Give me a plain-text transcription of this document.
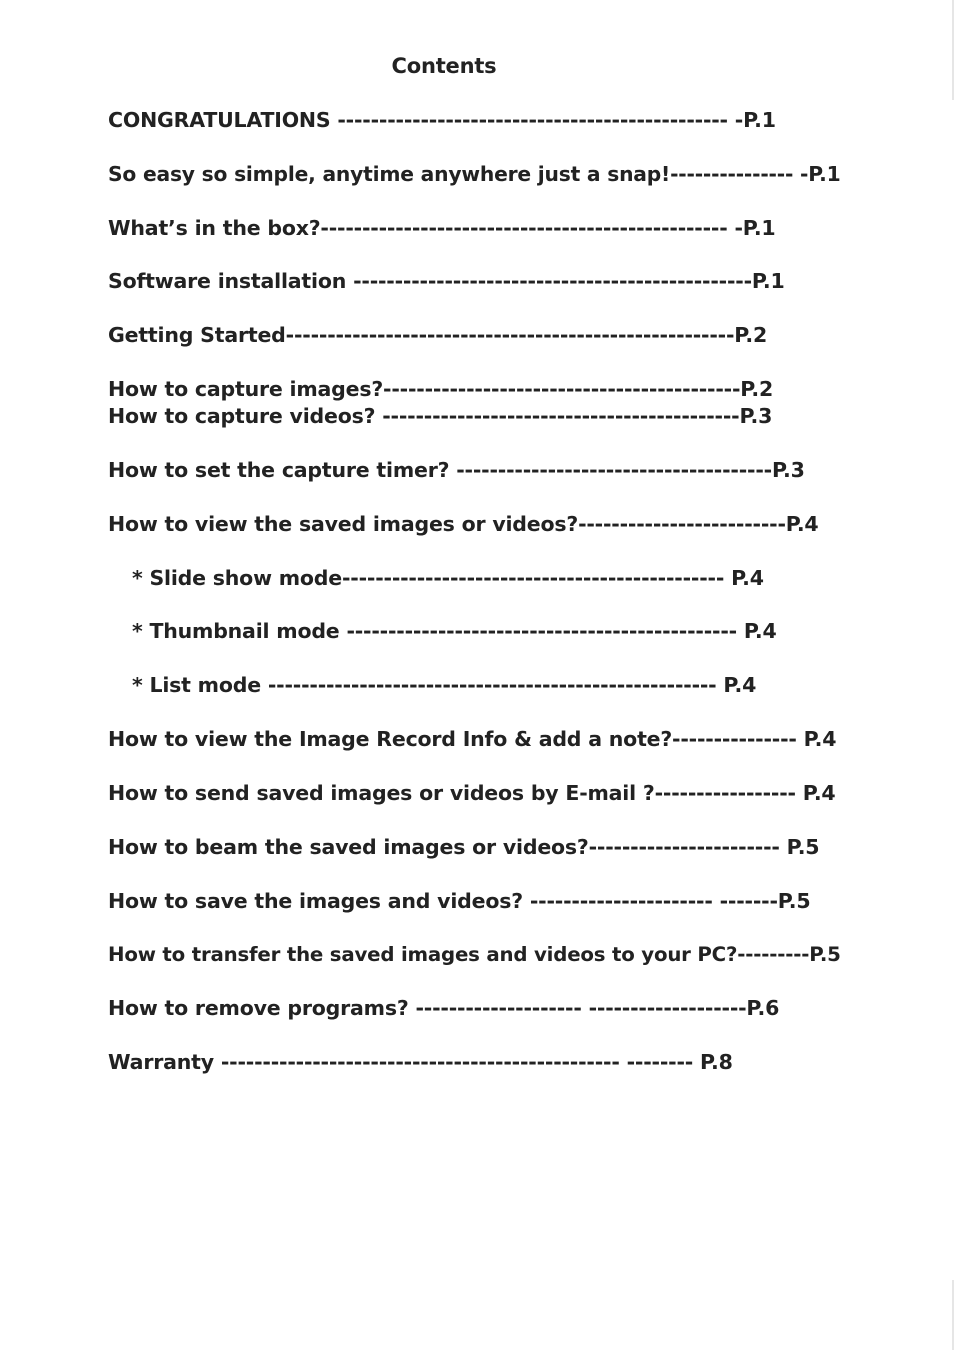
Contents
CONGRATULATIONS ----------------------------------------------- -P.1
So easy so simple, anytime anywhere just a snap!--------------- -P.1
What’s in the box?------------------------------------------------- -P.1
Software installation ------------------------------------------------P.1
Getting Started------------------------------------------------------P.2
How to capture images?-------------------------------------------P.2
How to capture videos? -------------------------------------------P.3
How to set the capture timer? --------------------------------------P.3
How to view the saved images or videos?-------------------------P.4
* Slide show mode---------------------------------------------- P.4
* Thumbnail mode ----------------------------------------------- P.4
* List mode ------------------------------------------------------ P.4
How to view the Image Record Info & add a note?--------------- P.4
How to send saved images or videos by E-mail ?----------------- P.4
How to beam the saved images or videos?----------------------- P.5
How to save the images and videos? ---------------------- -------P.5
How to transfer the saved images and videos to your PC?---------P.5
How to remove programs? -------------------- -------------------P.6
Warranty ------------------------------------------------ -------- P.8
